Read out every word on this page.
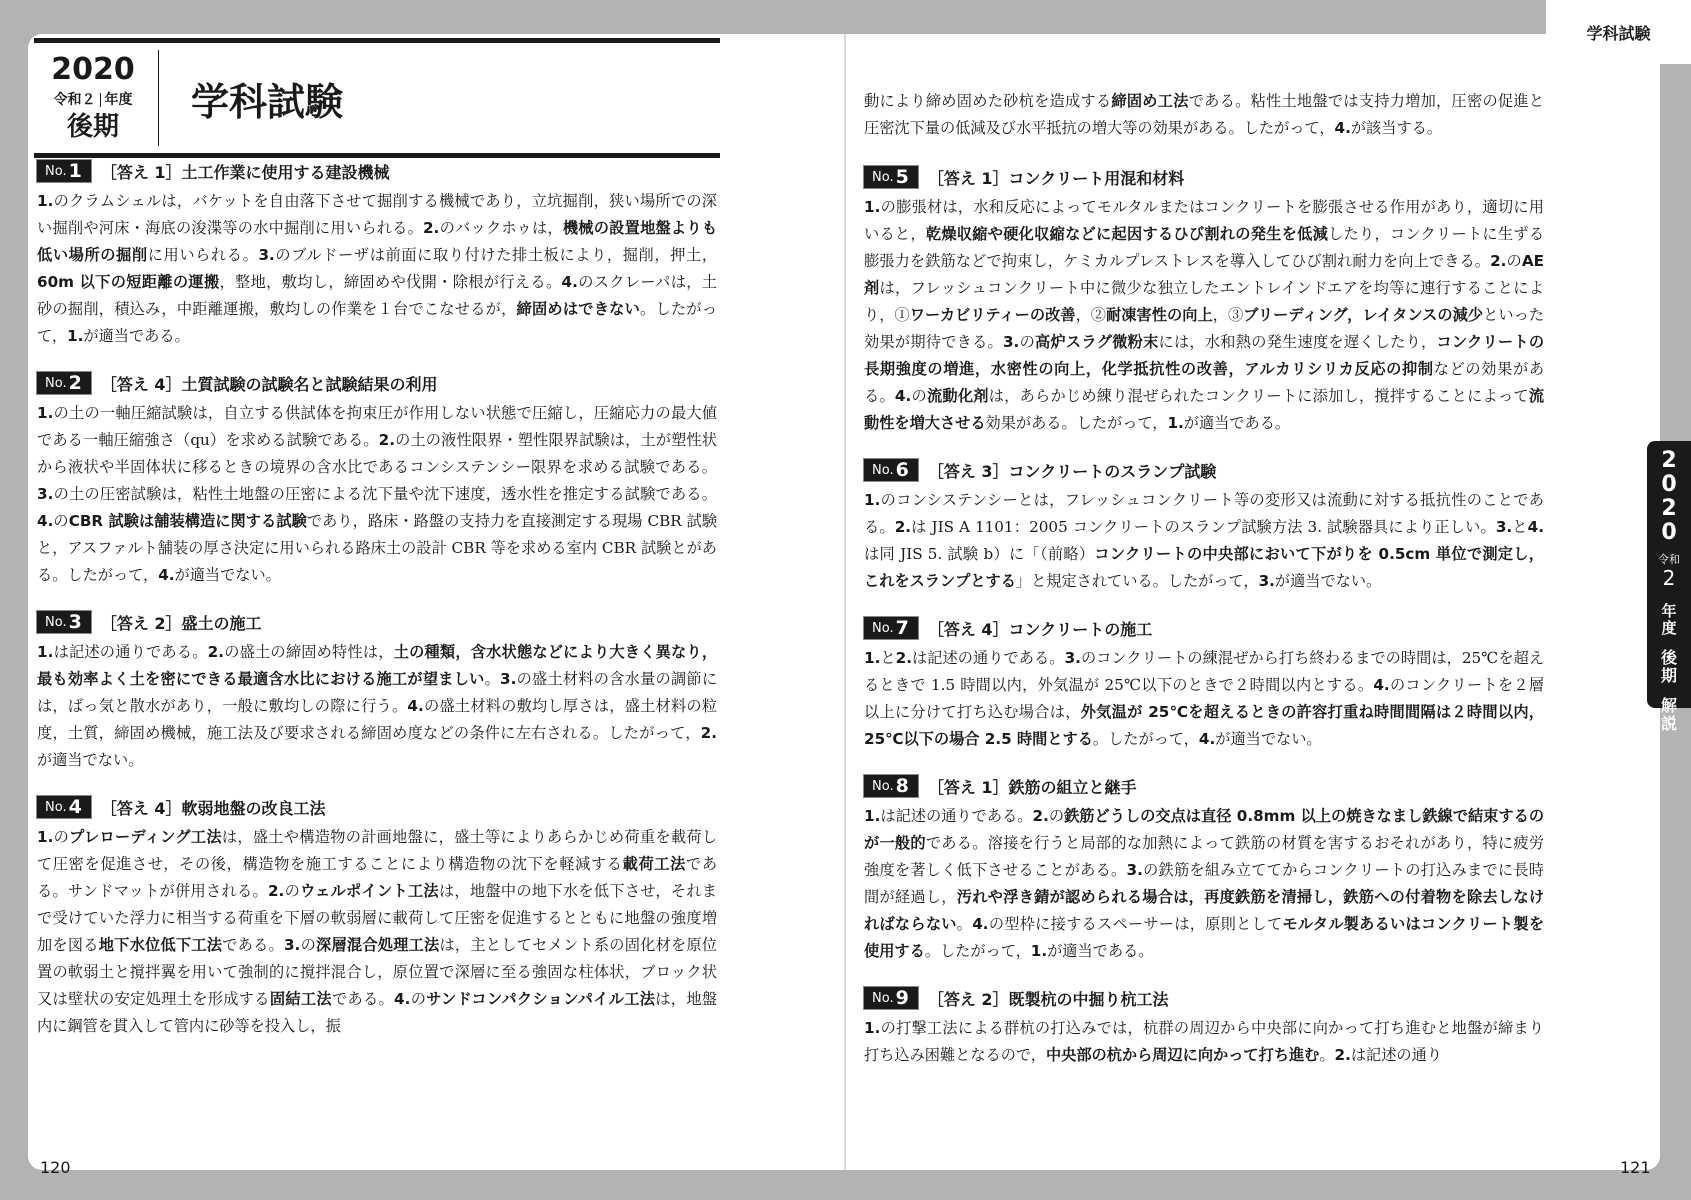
学科試験
2020
令和
2
年度
後期
解説
2020
令和２ 年度
後期
学科試験
No. 1 ［答え 1］土工作業に使用する建設機械
1.のクラムシェルは，バケットを自由落下させて掘削する機械であり，立坑掘削，狭い場所での深い掘削や河床・海底の浚渫等の水中掘削に用いられる。2.のバックホゥは，機械の設置地盤よりも低い場所の掘削に用いられる。3.のブルドーザは前面に取り付けた排土板により，掘削，押土，60m 以下の短距離の運搬，整地，敷均し，締固めや伐開・除根が行える。4.のスクレーパは，土砂の掘削，積込み，中距離運搬，敷均しの作業を１台でこなせるが，締固めはできない。したがって，1.が適当である。
No. 2 ［答え 4］土質試験の試験名と試験結果の利用
1.の土の一軸圧縮試験は，自立する供試体を拘束圧が作用しない状態で圧縮し，圧縮応力の最大値である一軸圧縮強さ（qu）を求める試験である。2.の土の液性限界・塑性限界試験は，土が塑性状から液状や半固体状に移るときの境界の含水比であるコンシステンシー限界を求める試験である。3.の土の圧密試験は，粘性土地盤の圧密による沈下量や沈下速度，透水性を推定する試験である。4.のCBR 試験は舗装構造に関する試験であり，路床・路盤の支持力を直接測定する現場 CBR 試験と，アスファルト舗装の厚さ決定に用いられる路床土の設計 CBR 等を求める室内 CBR 試験とがある。したがって，4.が適当でない。
No. 3 ［答え 2］盛土の施工
1.は記述の通りである。2.の盛土の締固め特性は，土の種類，含水状態などにより大きく異なり，最も効率よく土を密にできる最適含水比における施工が望ましい。3.の盛土材料の含水量の調節には，ばっ気と散水があり，一般に敷均しの際に行う。4.の盛土材料の敷均し厚さは，盛土材料の粒度，土質，締固め機械，施工法及び要求される締固め度などの条件に左右される。したがって，2.が適当でない。
No. 4 ［答え 4］軟弱地盤の改良工法
1.のプレローディング工法は，盛土や構造物の計画地盤に，盛土等によりあらかじめ荷重を載荷して圧密を促進させ，その後，構造物を施工することにより構造物の沈下を軽減する載荷工法である。サンドマットが併用される。2.のウェルポイント工法は，地盤中の地下水を低下させ，それまで受けていた浮力に相当する荷重を下層の軟弱層に載荷して圧密を促進するとともに地盤の強度増加を図る地下水位低下工法である。3.の深層混合処理工法は，主としてセメント系の固化材を原位置の軟弱土と撹拌翼を用いて強制的に撹拌混合し，原位置で深層に至る強固な柱体状，ブロック状又は壁状の安定処理土を形成する固結工法である。4.のサンドコンパクションパイル工法は，地盤内に鋼管を貫入して管内に砂等を投入し，振
動により締め固めた砂杭を造成する締固め工法である。粘性土地盤では支持力増加，圧密の促進と圧密沈下量の低減及び水平抵抗の増大等の効果がある。したがって，4.が該当する。
No. 5 ［答え 1］コンクリート用混和材料
1.の膨張材は，水和反応によってモルタルまたはコンクリートを膨張させる作用があり，適切に用いると，乾燥収縮や硬化収縮などに起因するひび割れの発生を低減したり，コンクリートに生ずる膨張力を鉄筋などで拘束し，ケミカルプレストレスを導入してひび割れ耐力を向上できる。2.のAE 剤は，フレッシュコンクリート中に微少な独立したエントレインドエアを均等に連行することにより，①ワーカビリティーの改善，②耐凍害性の向上，③ブリーディング，レイタンスの減少といった効果が期待できる。3.の高炉スラグ微粉末には，水和熱の発生速度を遅くしたり，コンクリートの長期強度の増進，水密性の向上，化学抵抗性の改善，アルカリシリカ反応の抑制などの効果がある。4.の流動化剤は，あらかじめ練り混ぜられたコンクリートに添加し，撹拌することによって流動性を増大させる効果がある。したがって，1.が適当である。
No. 6 ［答え 3］コンクリートのスランプ試験
1.のコンシステンシーとは，フレッシュコンクリート等の変形又は流動に対する抵抗性のことである。2.は JIS A 1101：2005 コンクリートのスランプ試験方法 3. 試験器具により正しい。3.と4.は同 JIS 5. 試験 b）に「（前略）コンクリートの中央部において下がりを 0.5cm 単位で測定し，これをスランプとする」と規定されている。したがって，3.が適当でない。
No. 7 ［答え 4］コンクリートの施工
1.と2.は記述の通りである。3.のコンクリートの練混ぜから打ち終わるまでの時間は，25℃を超えるときで 1.5 時間以内，外気温が 25℃以下のときで２時間以内とする。4.のコンクリートを２層以上に分けて打ち込む場合は，外気温が 25℃を超えるときの許容打重ね時間間隔は２時間以内，25℃以下の場合 2.5 時間とする。したがって，4.が適当でない。
No. 8 ［答え 1］鉄筋の組立と継手
1.は記述の通りである。2.の鉄筋どうしの交点は直径 0.8mm 以上の焼きなまし鉄線で結束するのが一般的である。溶接を行うと局部的な加熱によって鉄筋の材質を害するおそれがあり，特に疲労強度を著しく低下させることがある。3.の鉄筋を組み立ててからコンクリートの打込みまでに長時間が経過し，汚れや浮き錆が認められる場合は，再度鉄筋を清掃し，鉄筋への付着物を除去しなければならない。4.の型枠に接するスペーサーは，原則としてモルタル製あるいはコンクリート製を使用する。したがって，1.が適当である。
No. 9 ［答え 2］既製杭の中掘り杭工法
1.の打撃工法による群杭の打込みでは，杭群の周辺から中央部に向かって打ち進むと地盤が締まり打ち込み困難となるので，中央部の杭から周辺に向かって打ち進む。2.は記述の通り
120	121
